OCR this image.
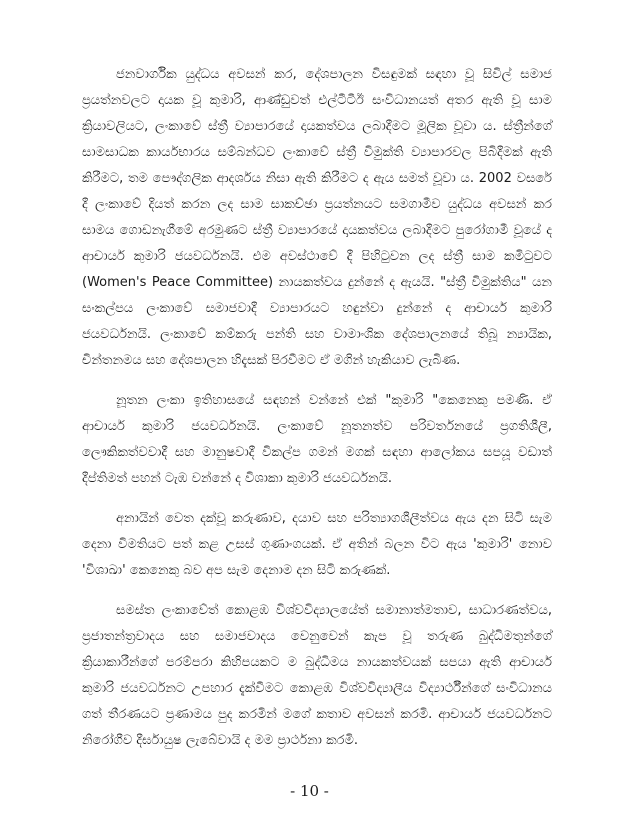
ජනවාර්ගික යුද්ධය අවසන් කර, දේශපාලන විසඳුමක් සඳහා වූ සිවිල් සමාජ ප්‍රයත්නවලට දායක වූ කුමාරි, ආණ්ඩුවත් එල්ටීටීඊ සංවිධානයත් අතර ඇති වූ සාම ක්‍රියාවලියට, ලංකාවේ ස්ත්‍රී ව්‍යාපාරයේ දායකත්වය ලබාදීමට මූලික වූවා ය. ස්ත්‍රීන්ගේ සාමසාධක කාර්යභාරය සම්බන්ධව ලංකාවේ ස්ත්‍රී විමුක්ති ව්‍යාපාරවල පිබිදීමක් ඇති කිරීමට, තම පෞද්ගලික ආදර්ශය නිසා ඇති කිරීමට ද ඇය සමත් වූවා ය. 2002 වසරේ දී ලංකාවේ දියත් කරන ලද සාම සාකච්ඡා ප්‍රයත්නයට සමගාමීව යුද්ධය අවසන් කර සාමය ගොඩනැගීමේ අරමුණට ස්ත්‍රී ව්‍යාපාරයේ දායකත්වය ලබාදීමට පුරෝගාමී වූයේ ද ආචාර්ය කුමාරි ජයවර්ධනයි. එම අවස්ථාවේ දී පිහිටුවන ලද ස්ත්‍රී සාම කමිටුවට (Women's Peace Committee) නායකත්වය දුන්නේ ද ඇයයි. "ස්ත්‍රී විමුක්තිය" යන සංකල්පය ලංකාවේ සමාජවාදී ව්‍යාපාරයට හඳුන්වා දුන්නේ ද ආචාර්ය කුමාරි ජයවර්ධනයි. ලංකාවේ කම්කරු පන්ති සහ වාමාංශික දේශපාලනයේ තිබූ න්‍යායික, චින්තනමය සහ දේශපාලන හිදැසක් පිරවීමට ඒ මගින් හැකියාව ලැබිණ.

නූතන ලංකා ඉතිහාසයේ සඳහන් වන්නේ එක් "කුමාරි "කෙනෙකු පමණි. ඒ ආචාර්ය කුමාරි ජයවර්ධනයි. ලංකාවේ නූතනත්ව පරිවර්තනයේ ප්‍රගතිශීලී, ලෞකිකත්වවාදී සහ මානුෂවාදී විකල්ප ගමන් මගක් සඳහා ආලෝකය සපයූ වඩාත් දීප්තිමත් පහන් ටැඹ වන්නේ ද විශාකා කුමාරි ජයවර්ධනයි.

අනායින් වෙත දක්වූ කරුණාව, දයාව සහ පරිත්‍යාගශීලීත්වය ඇය දන සිටි සැම දෙනා විමතියට පත් කළ උසස් ගුණාංගයක්. ඒ අතින් බලන විට ඇය 'කුමාරි' නොව 'විශාඛා' කෙනෙකු බව අප සැම දෙනාම දන සිටි කරුණක්.

සමස්ත ලංකාවේත් කොළඹ විශ්වවිද්‍යාලයේත් සමානාත්මතාව, සාධාරණත්වය, ප්‍රජාතන්ත්‍රවාදය සහ සමාජවාදය වෙනුවෙන් කැප වූ තරුණ බුද්ධිමතුන්ගේ ක්‍රියාකාරීන්ගේ පරම්පරා කිහිපයකට ම බුද්ධිමය නායකත්වයක් සපයා ඇති ආචාර්ය කුමාරි ජයවර්ධනට උපහාර දැක්වීමට කොළඹ විශ්වවිද්‍යාලීය විද්‍යාර්ථීන්ගේ සංවිධානය ගත් තීරණයට ප්‍රණාමය පුද කරමින් මගේ කතාව අවසන් කරමි. ආචාර්ය ජයවර්ධනට නිරෝගීව දීර්ඝායුෂ ලැබේවායි ද මම ප්‍රාර්ථනා කරමි.

- 10 -
